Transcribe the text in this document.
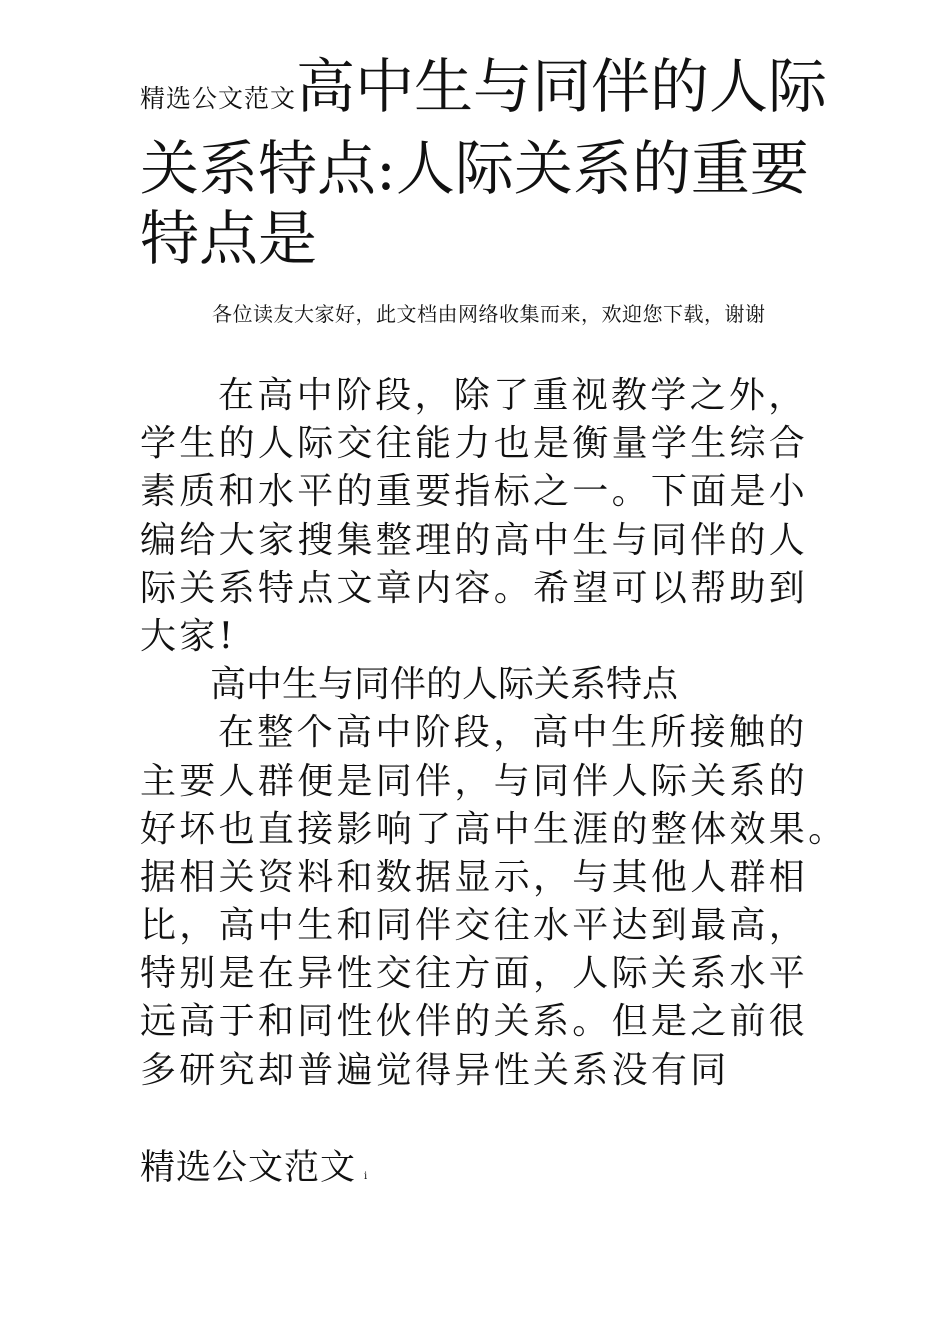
精选公文范文高中生与同伴的人际
关系特点:人际关系的重要
特点是
各位读友大家好，此文档由网络收集而来，欢迎您下载，谢谢
在高中阶段，除了重视教学之外，
学生的人际交往能力也是衡量学生综合
素质和水平的重要指标之一。下面是小
编给大家搜集整理的高中生与同伴的人
际关系特点文章内容。希望可以帮助到
大家!
高中生与同伴的人际关系特点
在整个高中阶段，高中生所接触的
主要人群便是同伴，与同伴人际关系的
好坏也直接影响了高中生涯的整体效果。
据相关资料和数据显示，与其他人群相
比，高中生和同伴交往水平达到最高，
特别是在异性交往方面，人际关系水平
远高于和同性伙伴的关系。但是之前很
多研究却普遍觉得异性关系没有同
精选公文范文 i
